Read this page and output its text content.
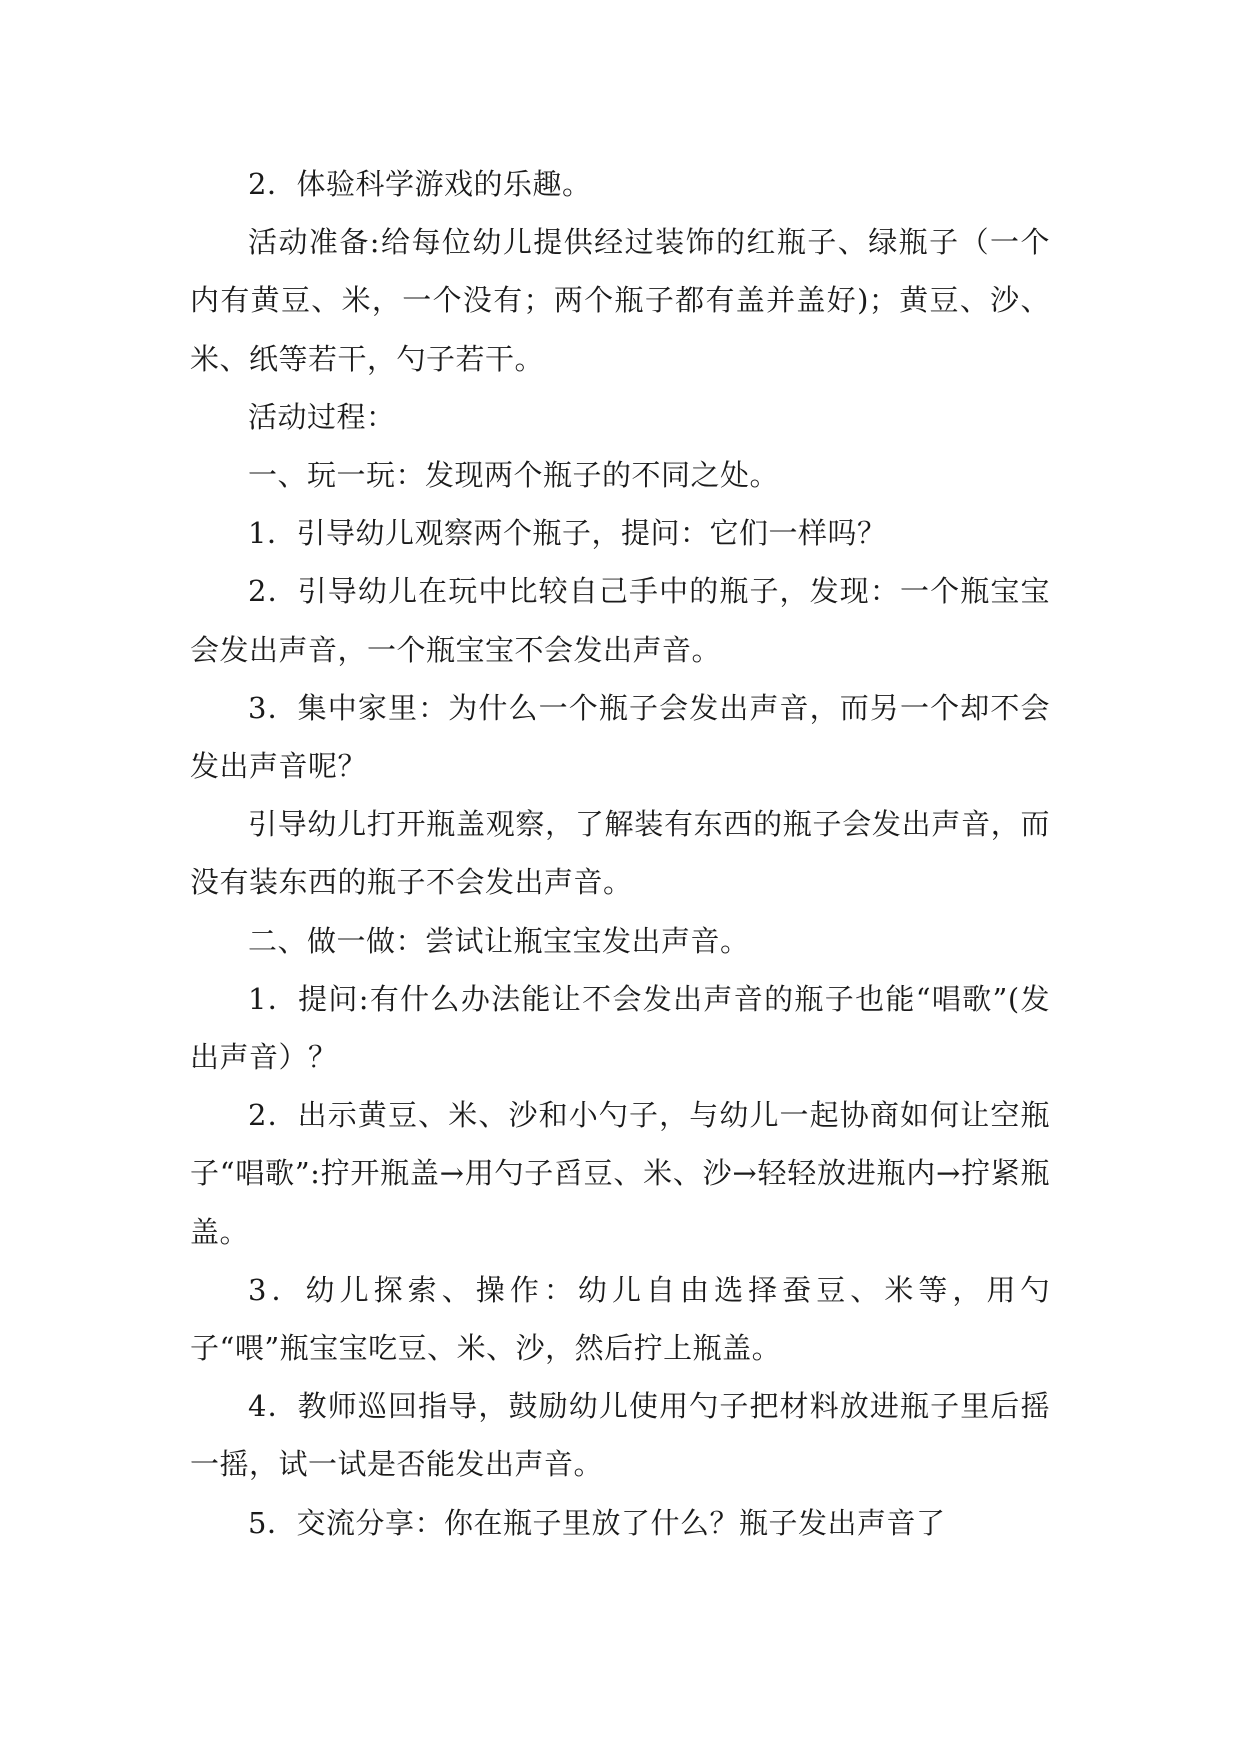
2．体验科学游戏的乐趣。

活动准备:给每位幼儿提供经过装饰的红瓶子、绿瓶子（一个内有黄豆、米，一个没有；两个瓶子都有盖并盖好)；黄豆、沙、米、纸等若干，勺子若干。

活动过程：

一、玩一玩：发现两个瓶子的不同之处。

1．引导幼儿观察两个瓶子，提问：它们一样吗？

2．引导幼儿在玩中比较自己手中的瓶子，发现：一个瓶宝宝会发出声音，一个瓶宝宝不会发出声音。

3．集中家里：为什么一个瓶子会发出声音，而另一个却不会发出声音呢？

引导幼儿打开瓶盖观察，了解装有东西的瓶子会发出声音，而没有装东西的瓶子不会发出声音。

二、做一做：尝试让瓶宝宝发出声音。

1．提问:有什么办法能让不会发出声音的瓶子也能“唱歌”(发出声音）？

2．出示黄豆、米、沙和小勺子，与幼儿一起协商如何让空瓶子“唱歌”:拧开瓶盖→用勺子舀豆、米、沙→轻轻放进瓶内→拧紧瓶盖。

3．幼儿探索、操作：幼儿自由选择蚕豆、米等，用勺子“喂”瓶宝宝吃豆、米、沙，然后拧上瓶盖。

4．教师巡回指导，鼓励幼儿使用勺子把材料放进瓶子里后摇一摇，试一试是否能发出声音。

5．交流分享：你在瓶子里放了什么？瓶子发出声音了
